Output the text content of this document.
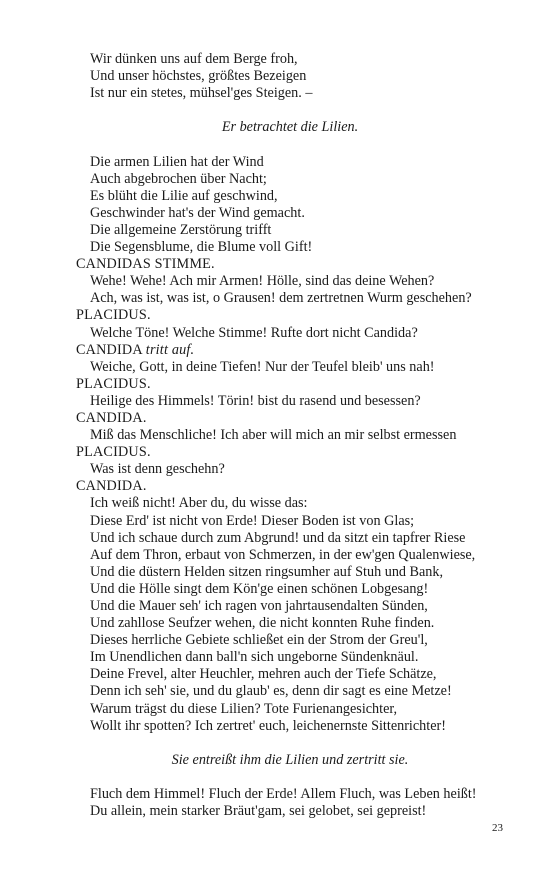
Wir dünken uns auf dem Berge froh,
Und unser höchstes, größtes Bezeigen
Ist nur ein stetes, mühsel'ges Steigen. –
Er betrachtet die Lilien.
Die armen Lilien hat der Wind
Auch abgebrochen über Nacht;
Es blüht die Lilie auf geschwind,
Geschwinder hat's der Wind gemacht.
Die allgemeine Zerstörung trifft
Die Segensblume, die Blume voll Gift!
CANDIDAS STIMME.
Wehe! Wehe! Ach mir Armen! Hölle, sind das deine Wehen?
Ach, was ist, was ist, o Grausen! dem zertretnen Wurm geschehen?
PLACIDUS.
Welche Töne! Welche Stimme! Rufte dort nicht Candida?
CANDIDA tritt auf.
Weiche, Gott, in deine Tiefen! Nur der Teufel bleib' uns nah!
PLACIDUS.
Heilige des Himmels! Törin! bist du rasend und besessen?
CANDIDA.
Miß das Menschliche! Ich aber will mich an mir selbst ermessen
PLACIDUS.
Was ist denn geschehn?
CANDIDA.
Ich weiß nicht! Aber du, du wisse das:
Diese Erd' ist nicht von Erde! Dieser Boden ist von Glas;
Und ich schaue durch zum Abgrund! und da sitzt ein tapfrer Riese
Auf dem Thron, erbaut von Schmerzen, in der ew'gen Qualenwiese,
Und die düstern Helden sitzen ringsumher auf Stuh und Bank,
Und die Hölle singt dem Kön'ge einen schönen Lobgesang!
Und die Mauer seh' ich ragen von jahrtausendalten Sünden,
Und zahllose Seufzer wehen, die nicht konnten Ruhe finden.
Dieses herrliche Gebiete schließet ein der Strom der Greu'l,
Im Unendlichen dann ball'n sich ungeborne Sündenknäul.
Deine Frevel, alter Heuchler, mehren auch der Tiefe Schätze,
Denn ich seh' sie, und du glaub' es, denn dir sagt es eine Metze!
Warum trägst du diese Lilien? Tote Furienangesichter,
Wollt ihr spotten? Ich zertret' euch, leichenernste Sittenrichter!
Sie entreißt ihm die Lilien und zertritt sie.
Fluch dem Himmel! Fluch der Erde! Allem Fluch, was Leben heißt!
Du allein, mein starker Bräut'gam, sei gelobet, sei gepreist!
23
